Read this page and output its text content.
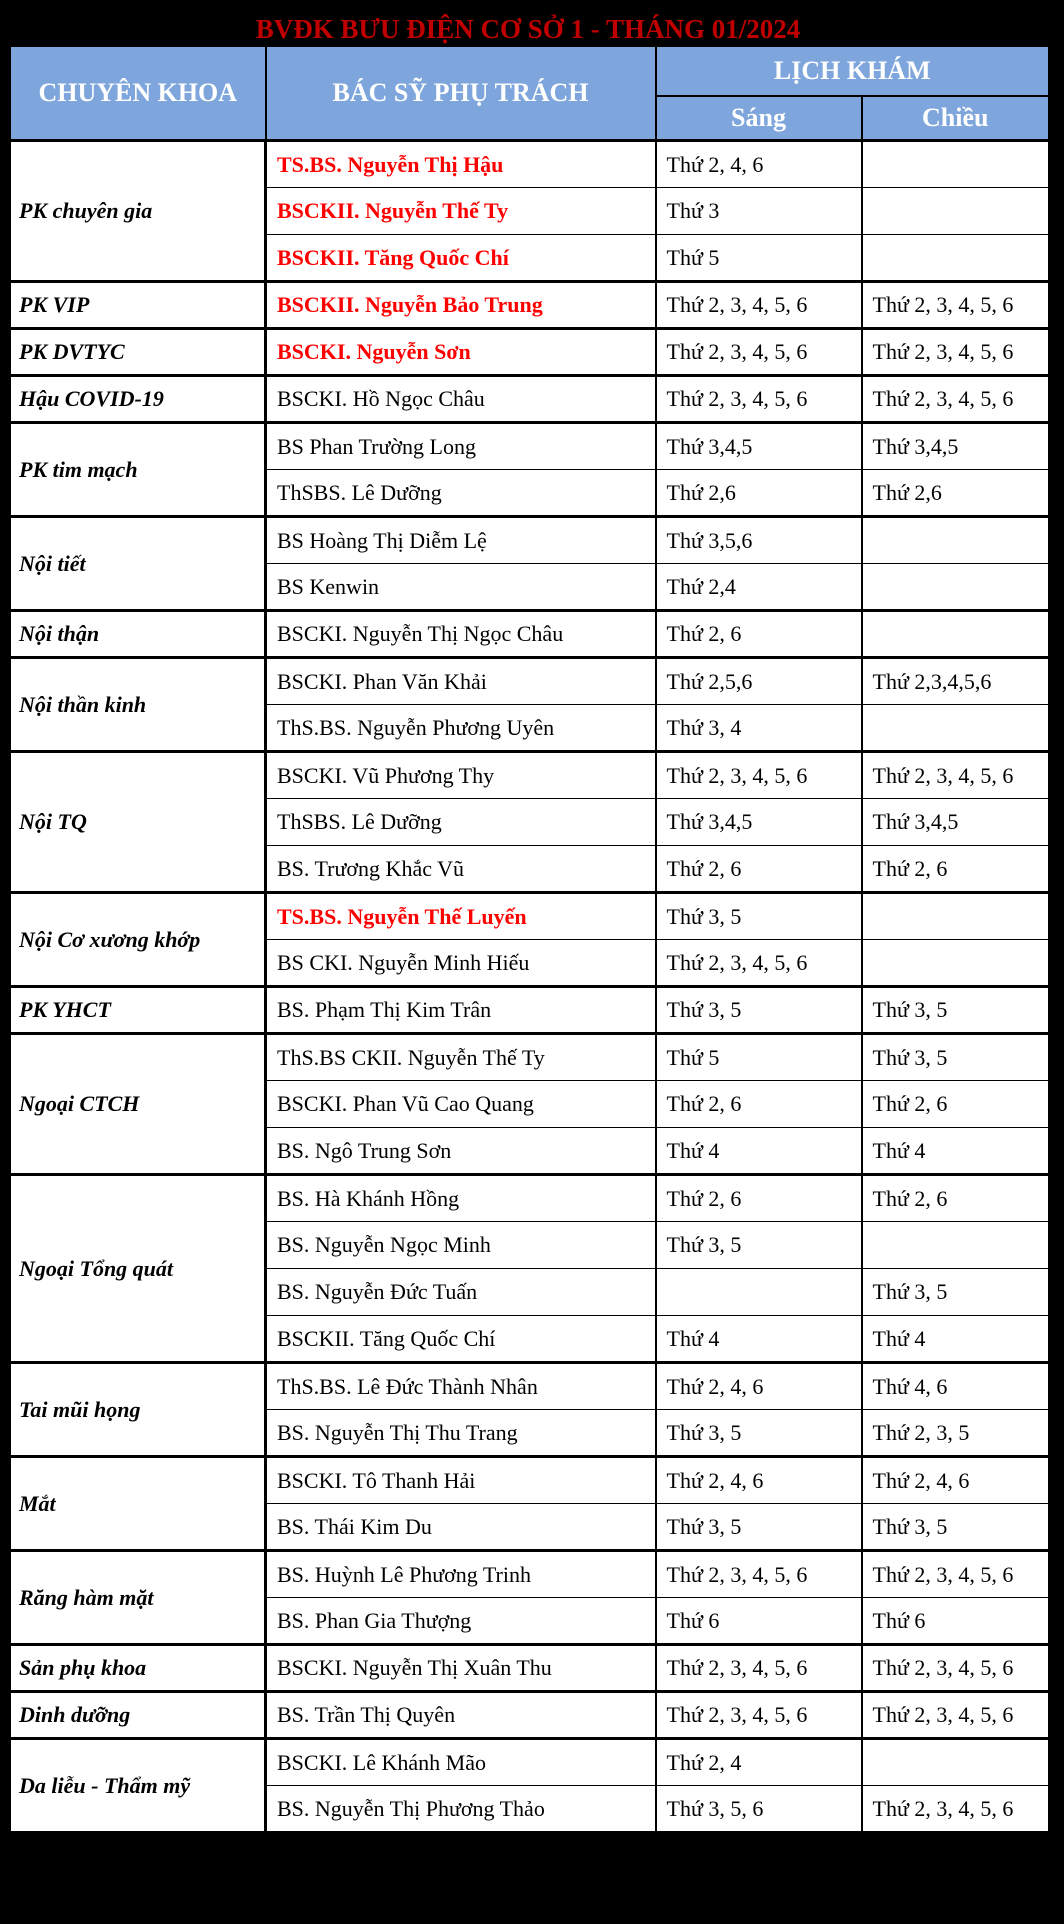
BVĐK BƯU ĐIỆN CƠ SỞ 1 - THÁNG 01/2024
CHUYÊN KHOA	BÁC SỸ PHỤ TRÁCH	LỊCH KHÁM	
		Sáng	Chiều
PK chuyên gia	TS.BS. Nguyễn Thị Hậu	Thứ 2, 4, 6	
	BSCKII. Nguyễn Thế Ty	Thứ 3	
	BSCKII. Tăng Quốc Chí	Thứ 5	
PK VIP	BSCKII. Nguyễn Bảo Trung	Thứ 2, 3, 4, 5, 6	Thứ 2, 3, 4, 5, 6
PK DVTYC	BSCKI. Nguyễn Sơn	Thứ 2, 3, 4, 5, 6	Thứ 2, 3, 4, 5, 6
Hậu COVID-19	BSCKI. Hồ Ngọc Châu	Thứ 2, 3, 4, 5, 6	Thứ 2, 3, 4, 5, 6
PK tim mạch	BS Phan Trường Long	Thứ 3,4,5	Thứ 3,4,5
	ThSBS. Lê Dưỡng	Thứ 2,6	Thứ 2,6
Nội tiết	BS Hoàng Thị Diễm Lệ	Thứ 3,5,6	
	BS Kenwin	Thứ 2,4	
Nội thận	BSCKI. Nguyễn Thị Ngọc Châu	Thứ 2, 6	
Nội thần kinh	BSCKI. Phan Văn Khải	Thứ 2,5,6	Thứ 2,3,4,5,6
	ThS.BS. Nguyễn Phương Uyên	Thứ 3, 4	
Nội TQ	BSCKI. Vũ Phương Thy	Thứ 2, 3, 4, 5, 6	Thứ 2, 3, 4, 5, 6
	ThSBS. Lê Dưỡng	Thứ 3,4,5	Thứ 3,4,5
	BS. Trương Khắc Vũ	Thứ 2, 6	Thứ 2, 6
Nội Cơ xương khớp	TS.BS. Nguyễn Thế Luyến	Thứ 3, 5	
	BS CKI. Nguyễn Minh Hiếu	Thứ 2, 3, 4, 5, 6	
PK YHCT	BS. Phạm Thị Kim Trân	Thứ 3, 5	Thứ 3, 5
Ngoại CTCH	ThS.BS CKII. Nguyễn Thế Ty	Thứ 5	Thứ 3, 5
	BSCKI. Phan Vũ Cao Quang	Thứ 2, 6	Thứ 2, 6
	BS. Ngô Trung Sơn	Thứ 4	Thứ 4
Ngoại Tổng quát	BS. Hà Khánh Hồng	Thứ 2, 6	Thứ 2, 6
	BS. Nguyễn Ngọc Minh	Thứ 3, 5	
	BS. Nguyễn Đức Tuấn		Thứ 3, 5
	BSCKII. Tăng Quốc Chí	Thứ 4	Thứ 4
Tai mũi họng	ThS.BS. Lê Đức Thành Nhân	Thứ 2, 4, 6	Thứ 4, 6
	BS. Nguyễn Thị Thu Trang	Thứ 3, 5	Thứ 2, 3, 5
Mắt	BSCKI. Tô Thanh Hải	Thứ 2, 4, 6	Thứ 2, 4, 6
	BS. Thái Kim Du	Thứ 3, 5	Thứ 3, 5
Răng hàm mặt	BS. Huỳnh Lê Phương Trinh	Thứ 2, 3, 4, 5, 6	Thứ 2, 3, 4, 5, 6
	BS. Phan Gia Thượng	Thứ 6	Thứ 6
Sản phụ khoa	BSCKI. Nguyễn Thị Xuân Thu	Thứ 2, 3, 4, 5, 6	Thứ 2, 3, 4, 5, 6
Dinh dưỡng	BS. Trần Thị Quyên	Thứ 2, 3, 4, 5, 6	Thứ 2, 3, 4, 5, 6
Da liễu - Thẩm mỹ	BSCKI. Lê Khánh Mão	Thứ 2, 4	
	BS. Nguyễn Thị Phương Thảo	Thứ 3, 5, 6	Thứ 2, 3, 4, 5, 6
